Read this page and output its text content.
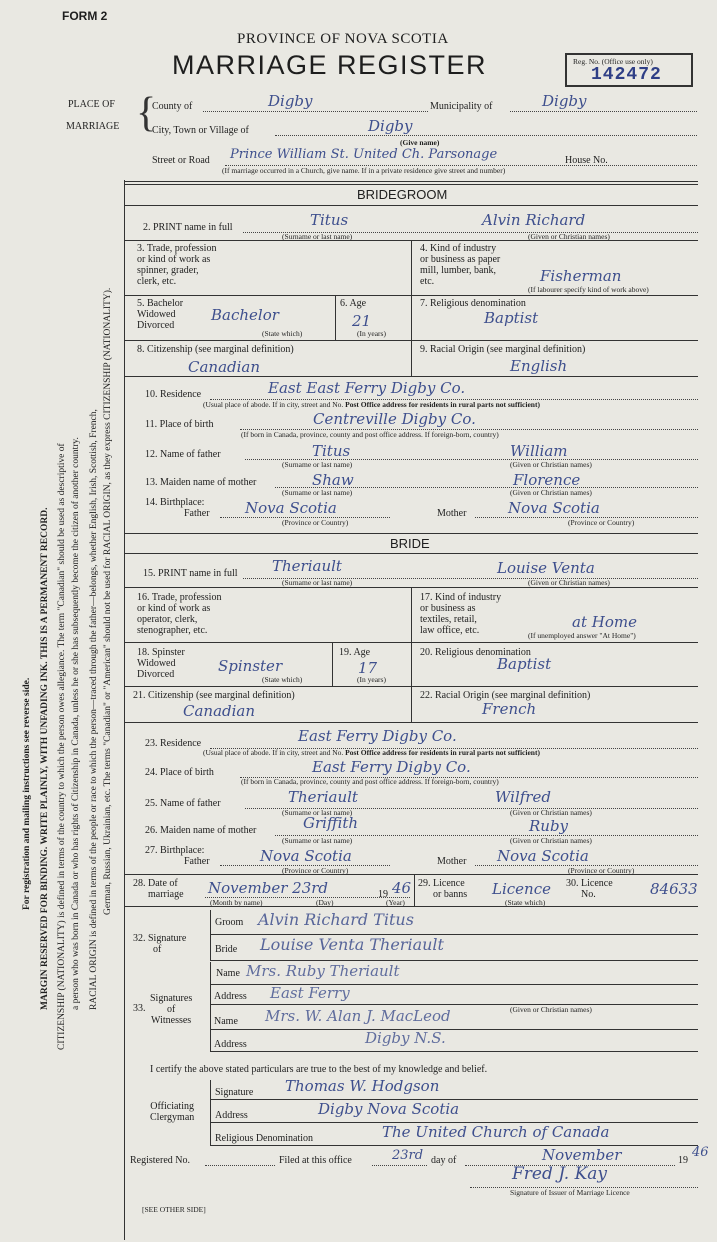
FORM 2
PROVINCE OF NOVA SCOTIA
MARRIAGE REGISTER	Reg. No. (Office use only)
142472
PLACE OF
MARRIAGE {
County of	Digby	Municipality of	Digby
City, Town or Village of	Digby
(Give name)
Street or Road Prince William St. United Ch. Parsonage	House No.
(If marriage occurred in a Church, give name. If in a private residence give street and number)
For registration and mailing instructions see reverse side. MARGIN RESERVED FOR BINDING. WRITE PLAINLY, WITH UNFADING INK. THIS IS A PERMANENT RECORD. CITIZENSHIP (NATIONALITY) is defined in terms of the country to which the person owes allegiance. The term "Canadian" should be used as descriptive of a person who was born in Canada or who has rights of Citizenship in Canada, unless he or she has subsequently become the citizen of another country. RACIAL ORIGIN is defined in terms of the people or race to which the person—traced through the father—belongs, whether English, Irish, Scottish, French, German, Russian, Ukrainian, etc. The terms "Canadian" or "American" should not be used for RACIAL ORIGIN, as they express CITIZENSHIP (NATIONALITY).
BRIDEGROOM
2. PRINT name in full	Titus	Alvin Richard
(Surname or last name)	(Given or Christian names)
3. Trade, profession
or kind of work as
spinner, grader,
clerk, etc.
4. Kind of industry
or business as paper
mill, lumber, bank,
etc.	Fisherman
(If labourer specify kind of work above)
5. Bachelor
Widowed
Divorced
Bachelor
(State which)
6. Age
21
(In years)
7. Religious denomination
Baptist
8. Citizenship (see marginal definition)
Canadian
9. Racial Origin (see marginal definition)
English
10. Residence	East East Ferry Digby Co.
(Usual place of abode. If in city, street and No. Post Office address for residents in rural parts not sufficient)
11. Place of birth	Centreville Digby Co.
(If born in Canada, province, county and post office address. If foreign-born, country)
12. Name of father	Titus	William
(Surname or last name)	(Given or Christian names)
13. Maiden name of mother	Shaw	Florence
(Surname or last name)	(Given or Christian names)
14. Birthplace:
Father Nova Scotia
(Province or Country)
Mother	Nova Scotia
(Province or Country)
BRIDE
15. PRINT name in full Theriault	Louise Venta
(Surname or last name)	(Given or Christian names)
16. Trade, profession
or kind of work as
operator, clerk,
stenographer, etc.
17. Kind of industry
or business as
textiles, retail,
law office, etc.	at Home
(If unemployed answer "At Home")
18. Spinster
Widowed
Divorced	Spinster
(State which)
19. Age
17
(In years)
20. Religious denomination
Baptist
21. Citizenship (see marginal definition)
Canadian
22. Racial Origin (see marginal definition)
French
23. Residence	East Ferry Digby Co.
(Usual place of abode. If in city, street and No. Post Office address for residents in rural parts not sufficient)
24. Place of birth	East Ferry Digby Co.
(If born in Canada, province, county and post office address. If foreign-born, country)
25. Name of father	Theriault	Wilfred
(Surname or last name)	(Given or Christian names)
26. Maiden name of mother	Griffith	Ruby
(Surname or last name)	(Given or Christian names)
27. Birthplace:
Father	Nova Scotia
(Province or Country)
Mother Nova Scotia
(Province or Country)
28. Date of
marriage November 23rd	19 46
(Month by name)	(Day)	(Year)
29. Licence
or banns Licence
(State which)
30. Licence
No.	84633
32. Signature
of
Groom Alvin Richard Titus
Bride Louise Venta Theriault
33.
Signatures
of
Witnesses
Name Mrs. Ruby Theriault
Address East Ferry
(Given or Christian names)
Name Mrs. W. Alan J. MacLeod
Address	Digby N.S.
I certify the above stated particulars are true to the best of my knowledge and belief.
Officiating
Clergyman
Signature Thomas W. Hodgson
Address	Digby Nova Scotia
Religious Denomination	The United Church of Canada
Registered No.	Filed at this office	23rd day of	November	19
46
Fred J. Kay
Signature of Issuer of Marriage Licence
[SEE OTHER SIDE]
